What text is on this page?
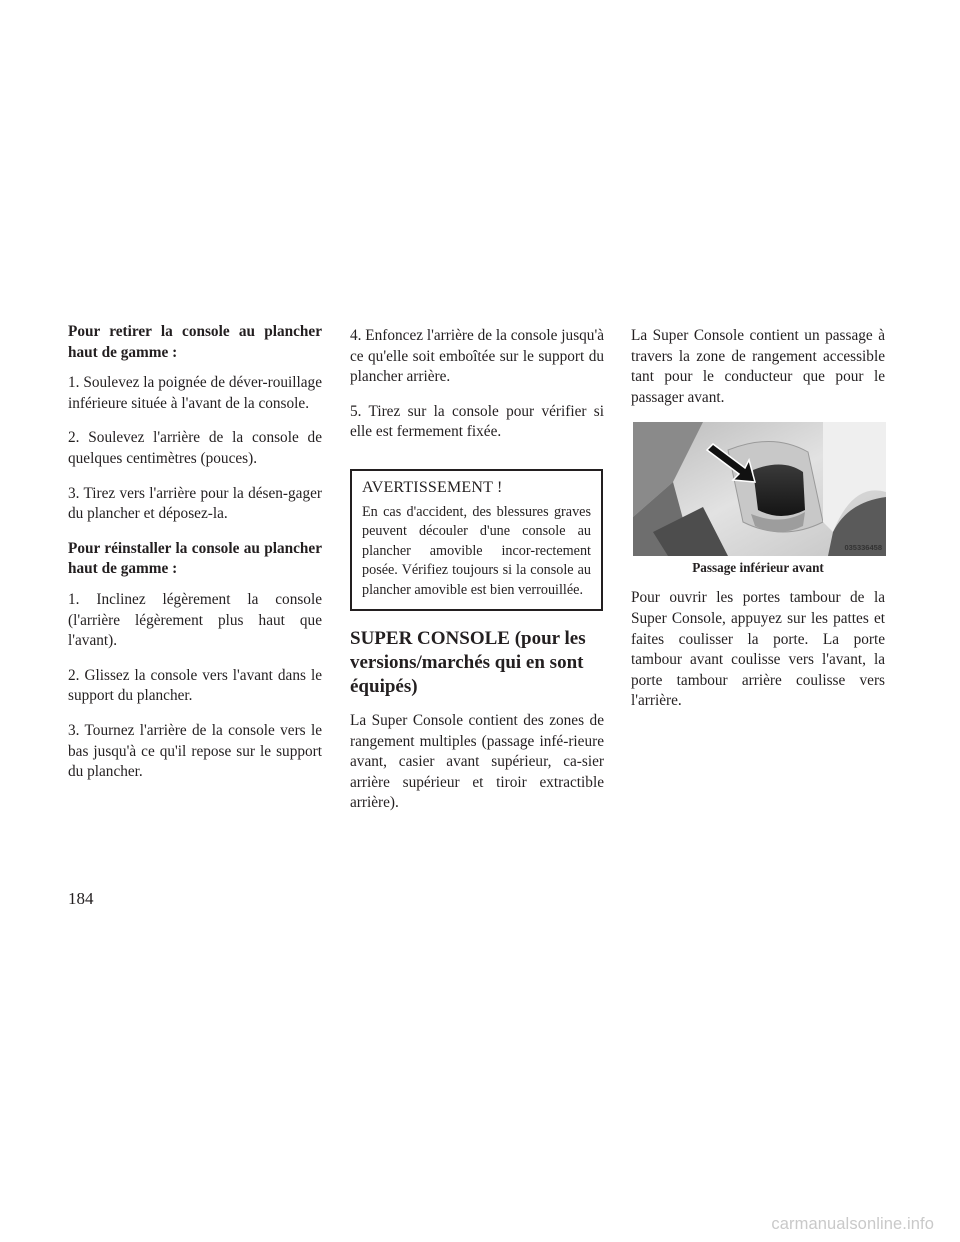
Pour retirer la console au plancher haut de gamme :

1. Soulevez la poignée de déver-rouillage inférieure située à l'avant de la console.

2. Soulevez l'arrière de la console de quelques centimètres (pouces).

3. Tirez vers l'arrière pour la désen-gager du plancher et déposez-la.

Pour réinstaller la console au plancher haut de gamme :

1. Inclinez légèrement la console (l'arrière légèrement plus haut que l'avant).

2. Glissez la console vers l'avant dans le support du plancher.

3. Tournez l'arrière de la console vers le bas jusqu'à ce qu'il repose sur le support du plancher.

4. Enfoncez l'arrière de la console jusqu'à ce qu'elle soit emboîtée sur le support du plancher arrière.

5. Tirez sur la console pour vérifier si elle est fermement fixée.

AVERTISSEMENT !

En cas d'accident, des blessures graves peuvent découler d'une console au plancher amovible incor-rectement posée. Vérifiez toujours si la console au plancher amovible est bien verrouillée.

SUPER CONSOLE (pour les versions/marchés qui en sont équipés)

La Super Console contient des zones de rangement multiples (passage infé-rieure avant, casier avant supérieur, ca-sier arrière supérieur et tiroir extractible arrière).

La Super Console contient un passage à travers la zone de rangement accessible tant pour le conducteur que pour le passager avant.

035336458
Passage inférieur avant

Pour ouvrir les portes tambour de la Super Console, appuyez sur les pattes et faites coulisser la porte. La porte tambour avant coulisse vers l'avant, la porte tambour arrière coulisse vers l'arrière.

184
carmanualsonline.info
